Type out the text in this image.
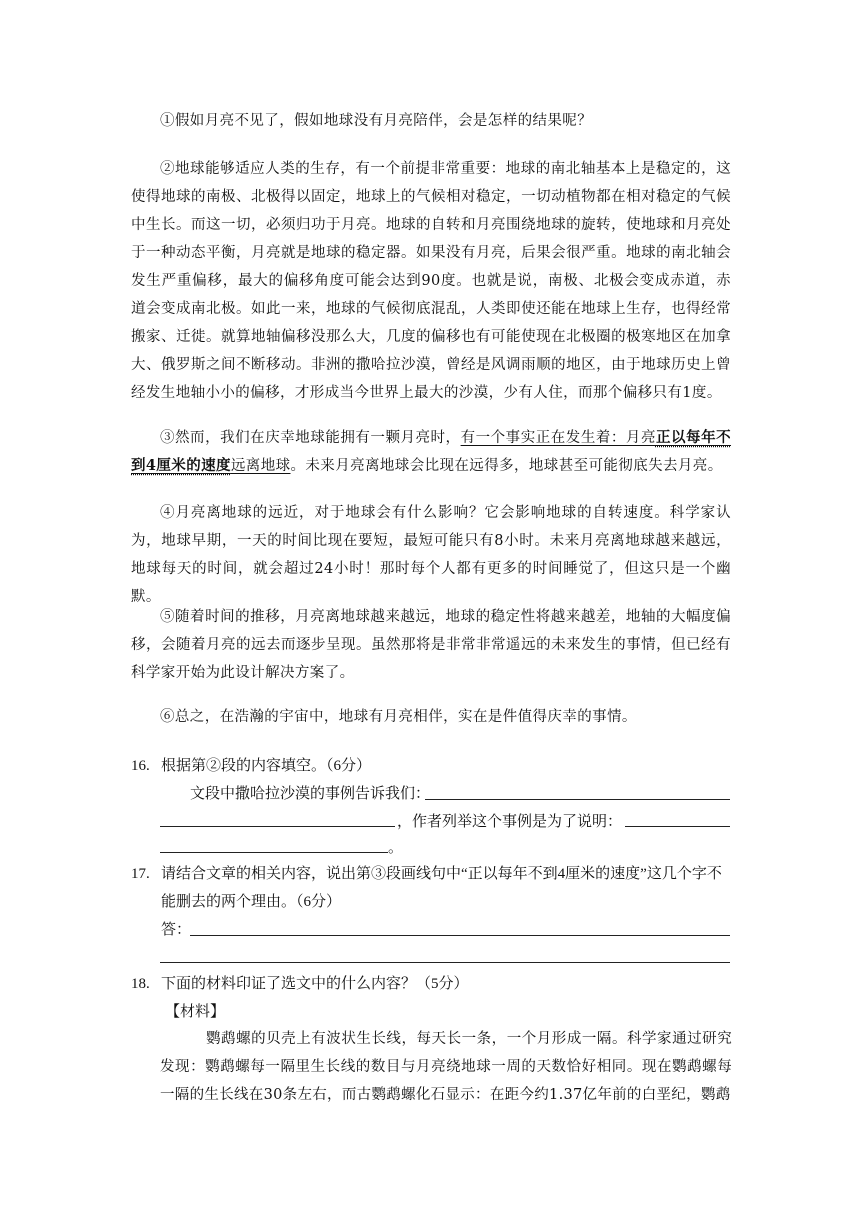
①假如月亮不见了，假如地球没有月亮陪伴，会是怎样的结果呢？
②地球能够适应人类的生存，有一个前提非常重要：地球的南北轴基本上是稳定的，这使得地球的南极、北极得以固定，地球上的气候相对稳定，一切动植物都在相对稳定的气候中生长。而这一切，必须归功于月亮。地球的自转和月亮围绕地球的旋转，使地球和月亮处于一种动态平衡，月亮就是地球的稳定器。如果没有月亮，后果会很严重。地球的南北轴会发生严重偏移，最大的偏移角度可能会达到90度。也就是说，南极、北极会变成赤道，赤道会变成南北极。如此一来，地球的气候彻底混乱，人类即使还能在地球上生存，也得经常搬家、迁徙。就算地轴偏移没那么大，几度的偏移也有可能使现在北极圈的极寒地区在加拿大、俄罗斯之间不断移动。非洲的撒哈拉沙漠，曾经是风调雨顺的地区，由于地球历史上曾经发生地轴小小的偏移，才形成当今世界上最大的沙漠，少有人住，而那个偏移只有1度。
③然而，我们在庆幸地球能拥有一颗月亮时，有一个事实正在发生着：月亮正以每年不到4厘米的速度远离地球。未来月亮离地球会比现在远得多，地球甚至可能彻底失去月亮。
④月亮离地球的远近，对于地球会有什么影响？它会影响地球的自转速度。科学家认为，地球早期，一天的时间比现在要短，最短可能只有8小时。未来月亮离地球越来越远，地球每天的时间，就会超过24小时！那时每个人都有更多的时间睡觉了，但这只是一个幽默。
⑤随着时间的推移，月亮离地球越来越远，地球的稳定性将越来越差，地轴的大幅度偏移，会随着月亮的远去而逐步呈现。虽然那将是非常非常遥远的未来发生的事情，但已经有科学家开始为此设计解决方案了。
⑥总之，在浩瀚的宇宙中，地球有月亮相伴，实在是件值得庆幸的事情。
16. 根据第②段的内容填空。（6分）
文段中撒哈拉沙漠的事例告诉我们：
，作者列举这个事例是为了说明：
。
17. 请结合文章的相关内容，说出第③段画线句中“正以每年不到4厘米的速度”这几个字不能删去的两个理由。（6分）
答：
18. 下面的材料印证了选文中的什么内容？（5分）
【材料】
鹦鹉螺的贝壳上有波状生长线，每天长一条，一个月形成一隔。科学家通过研究发现：鹦鹉螺每一隔里生长线的数目与月亮绕地球一周的天数恰好相同。现在鹦鹉螺每一隔的生长线在30条左右，而古鹦鹉螺化石显示：在距今约1.37亿年前的白垩纪，鹦鹉
